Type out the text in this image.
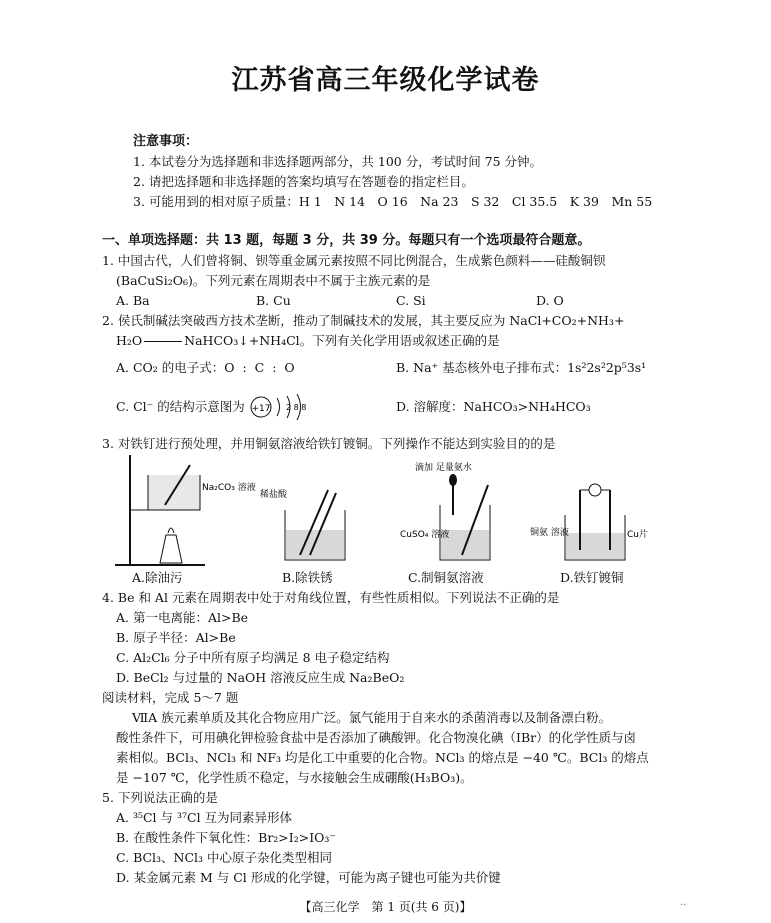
江苏省高三年级化学试卷
注意事项：
1. 本试卷分为选择题和非选择题两部分，共 100 分，考试时间 75 分钟。
2. 请把选择题和非选择题的答案均填写在答题卷的指定栏目。
3. 可能用到的相对原子质量：H 1　N 14　O 16　Na 23　S 32　Cl 35.5　K 39　Mn 55
一、单项选择题：共 13 题，每题 3 分，共 39 分。每题只有一个选项最符合题意。
1. 中国古代，人们曾将铜、钡等重金属元素按照不同比例混合，生成紫色颜料——硅酸铜钡
(BaCuSi₂O₆)。下列元素在周期表中不属于主族元素的是
A. Ba	B. Cu	C. Si	D. O
2. 侯氏制碱法突破西方技术垄断，推动了制碱技术的发展，其主要反应为 NaCl+CO₂+NH₃+
H₂O	NaHCO₃↓+NH₄Cl。下列有关化学用语或叙述正确的是
A. CO₂ 的电子式：O : C : O	B. Na⁺ 基态核外电子排布式：1s²2s²2p⁵3s¹
C. Cl⁻ 的结构示意图为 +17 2 8 8	D. 溶解度：NaHCO₃>NH₄HCO₃
3. 对铁钉进行预处理，并用铜氨溶液给铁钉镀铜。下列操作不能达到实验目的的是
Na₂CO₃ 溶液
稀盐酸
滴加 足量氨水
CuSO₄ 溶液	铜氨 溶液	Cu片
A.除油污	B.除铁锈	C.制铜氨溶液	D.铁钉镀铜
4. Be 和 Al 元素在周期表中处于对角线位置，有些性质相似。下列说法不正确的是
A. 第一电离能：Al>Be
B. 原子半径：Al>Be
C. Al₂Cl₆ 分子中所有原子均满足 8 电子稳定结构
D. BeCl₂ 与过量的 NaOH 溶液反应生成 Na₂BeO₂
阅读材料，完成 5～7 题
ⅦA 族元素单质及其化合物应用广泛。氯气能用于自来水的杀菌消毒以及制备漂白粉。
酸性条件下，可用碘化钾检验食盐中是否添加了碘酸钾。化合物溴化碘（IBr）的化学性质与卤
素相似。BCl₃、NCl₃ 和 NF₃ 均是化工中重要的化合物。NCl₃ 的熔点是 −40 ℃。BCl₃ 的熔点
是 −107 ℃，化学性质不稳定，与水接触会生成硼酸(H₃BO₃)。
5. 下列说法正确的是
A. ³⁵Cl 与 ³⁷Cl 互为同素异形体
B. 在酸性条件下氧化性：Br₂>I₂>IO₃⁻
C. BCl₃、NCl₃ 中心原子杂化类型相同
D. 某金属元素 M 与 Cl 形成的化学键，可能为离子键也可能为共价键
【高三化学　第 1 页(共 6 页)】	··
